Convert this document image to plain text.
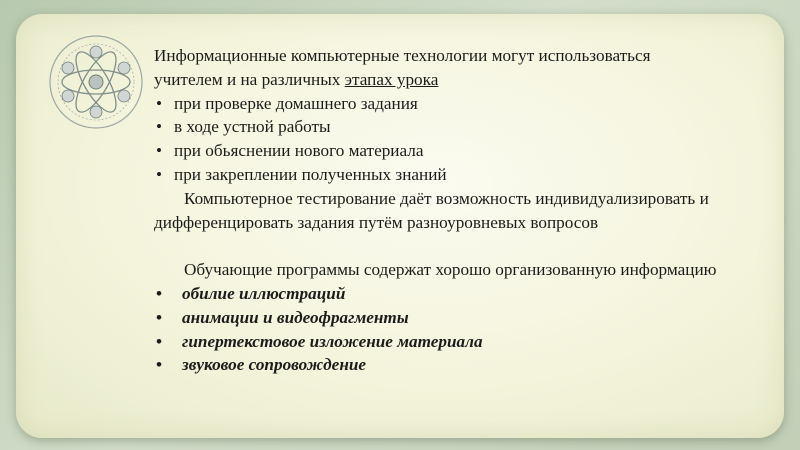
Информационные компьютерные технологии могут использоваться
учителем и на различных этапах урока

• при проверке домашнего задания
• в ходе устной работы
• при обьяснении нового материала
• при закреплении полученных знаний

Компьютерное тестирование даёт возможность индивидуализировать и дифференцировать задания путём разноуровневых вопросов

Обучающие программы содержат хорошо организованную информацию

• обилие иллюстраций
• анимации и видеофрагменты
• гипертекстовое изложение материала
• звуковое сопровождение
